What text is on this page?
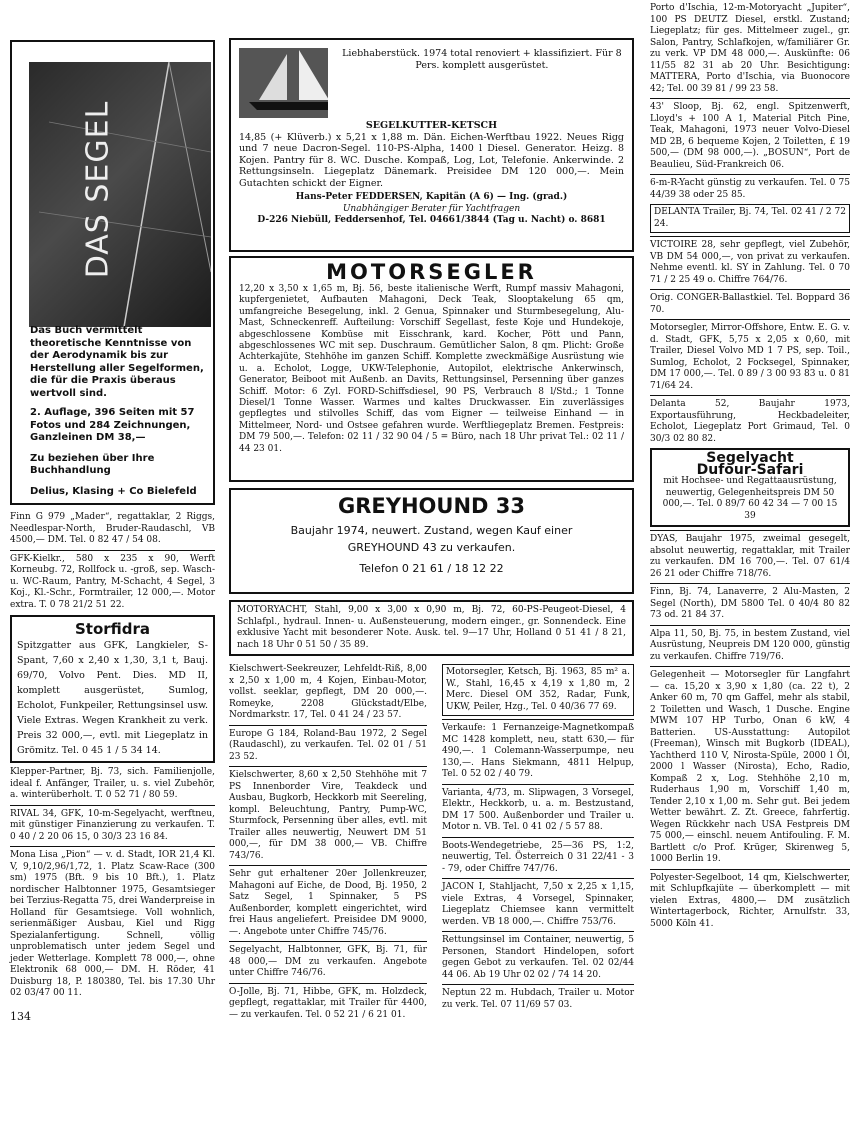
DAS SEGEL
Das Buch vermittelt theoretische Kenntnisse von der Aerodynamik bis zur Herstellung aller Segelformen, die für die Praxis überaus wertvoll sind.
2. Auflage, 396 Seiten mit 57 Fotos und 284 Zeichnungen, Ganzleinen DM 38,—
Zu beziehen über Ihre Buchhandlung
Delius, Klasing + Co Bielefeld
Finn G 979 „Mader“, regattaklar, 2 Riggs, Needlespar-North, Bruder-Raudaschl, VB 4500,— DM. Tel. 0 82 47 / 54 08.
GFK-Kielkr., 580 x 235 x 90, Werft Korneubg. 72, Rollfock u. -groß, sep. Wasch- u. WC-Raum, Pantry, M-Schacht, 4 Segel, 3 Koj., Kl.-Schr., Formtrailer, 12 000,—. Motor extra. T. 0 78 21/2 51 22.
Storfidra
Spitzgatter aus GFK, Langkieler, S-Spant, 7,60 x 2,40 x 1,30, 3,1 t, Bauj. 69/70, Volvo Pent. Dies. MD II, komplett ausgerüstet, Sumlog, Echolot, Funkpeiler, Rettungsinsel usw. Viele Extras. Wegen Krankheit zu verk. Preis 32 000,—, evtl. mit Liegeplatz in Grömitz. Tel. 0 45 1 / 5 34 14.
Klepper-Partner, Bj. 73, sich. Familienjolle, ideal f. Anfänger, Trailer, u. s. viel Zubehör, a. winterüberholt. T. 0 52 71 / 80 59.
RIVAL 34, GFK, 10-m-Segelyacht, werftneu, mit günstiger Finanzierung zu verkaufen. T. 0 40 / 2 20 06 15, 0 30/3 23 16 84.
Mona Lisa „Pion“ — v. d. Stadt, IOR 21,4 Kl. V, 9,10/2,96/1,72, 1. Platz Scaw-Race (300 sm) 1975 (Bft. 9 bis 10 Bft.), 1. Platz nordischer Halbtonner 1975, Gesamtsieger bei Terzius-Regatta 75, drei Wanderpreise in Holland für Gesamtsiege. Voll wohnlich, serienmäßiger Ausbau, Kiel und Rigg Spezialanfertigung. Schnell, völlig unproblematisch unter jedem Segel und jeder Wetterlage. Komplett 78 000,—, ohne Elektronik 68 000,— DM. H. Röder, 41 Duisburg 18, P. 180380, Tel. bis 17.30 Uhr 02 03/47 00 11.
134
Liebhaberstück. 1974 total renoviert + klassifiziert. Für 8 Pers. komplett ausgerüstet.
SEGELKUTTER-KETSCH
14,85 (+ Klüverb.) x 5,21 x 1,88 m. Dän. Eichen-Werftbau 1922. Neues Rigg und 7 neue Dacron-Segel. 110-PS-Alpha, 1400 l Diesel. Generator. Heizg. 8 Kojen. Pantry für 8. WC. Dusche. Kompaß, Log, Lot, Telefonie. Ankerwinde. 2 Rettungsinseln. Liegeplatz Dänemark. Preisidee DM 120 000,—. Mein Gutachten schickt der Eigner.
Hans-Peter FEDDERSEN, Kapitän (A 6) — Ing. (grad.)
Unabhängiger Berater für Yachtfragen
D-226 Niebüll, Feddersenhof, Tel. 04661/3844 (Tag u. Nacht) o. 8681
MOTORSEGLER
12,20 x 3,50 x 1,65 m, Bj. 56, beste italienische Werft, Rumpf massiv Mahagoni, kupfergenietet, Aufbauten Mahagoni, Deck Teak, Slooptakelung 65 qm, umfangreiche Besegelung, inkl. 2 Genua, Spinnaker und Sturmbesegelung, Alu-Mast, Schneckenreff. Aufteilung: Vorschiff Segellast, feste Koje und Hundekoje, abgeschlossene Kombüse mit Eisschrank, kard. Kocher, Pött und Pann, abgeschlossenes WC mit sep. Duschraum. Gemütlicher Salon, 8 qm. Plicht: Große Achterkajüte, Stehhöhe im ganzen Schiff. Komplette zweckmäßige Ausrüstung wie u. a. Echolot, Logge, UKW-Telephonie, Autopilot, elektrische Ankerwinsch, Generator, Beiboot mit Außenb. an Davits, Rettungsinsel, Persenning über ganzes Schiff. Motor: 6 Zyl. FORD-Schiffsdiesel, 90 PS, Verbrauch 8 l/Std.; 1 Tonne Diesel/1 Tonne Wasser. Warmes und kaltes Druckwasser. Ein zuverlässiges gepflegtes und stilvolles Schiff, das vom Eigner — teilweise Einhand — in Mittelmeer, Nord- und Ostsee gefahren wurde. Werftliegeplatz Bremen. Festpreis: DM 79 500,—. Telefon: 02 11 / 32 90 04 / 5 = Büro, nach 18 Uhr privat Tel.: 02 11 / 44 23 01.
GREYHOUND 33
Baujahr 1974, neuwert. Zustand, wegen Kauf einer
GREYHOUND 43 zu verkaufen.
Telefon 0 21 61 / 18 12 22
MOTORYACHT, Stahl, 9,00 x 3,00 x 0,90 m, Bj. 72, 60-PS-Peugeot-Diesel, 4 Schlafpl., hydraul. Innen- u. Außensteuerung, modern einger., gr. Sonnendeck. Eine exklusive Yacht mit besonderer Note. Ausk. tel. 9—17 Uhr, Holland 0 51 41 / 8 21, nach 18 Uhr 0 51 50 / 35 89.
Kielschwert-Seekreuzer, Lehfeldt-Riß, 8,00 x 2,50 x 1,00 m, 4 Kojen, Einbau-Motor, vollst. seeklar, gepflegt, DM 20 000,—. Romeyke, 2208 Glückstadt/Elbe, Nordmarkstr. 17, Tel. 0 41 24 / 23 57.
Europe G 184, Roland-Bau 1972, 2 Segel (Raudaschl), zu verkaufen. Tel. 02 01 / 51 23 52.
Kielschwerter, 8,60 x 2,50 Stehhöhe mit 7 PS Innenborder Vire, Teakdeck und Ausbau, Bugkorb, Heckkorb mit Seereling, kompl. Beleuchtung, Pantry, Pump-WC, Sturmfock, Persenning über alles, evtl. mit Trailer alles neuwertig, Neuwert DM 51 000,—, für DM 38 000,— VB. Chiffre 743/76.
Sehr gut erhaltener 20er Jollenkreuzer, Mahagoni auf Eiche, de Dood, Bj. 1950, 2 Satz Segel, 1 Spinnaker, 5 PS Außenborder, komplett eingerichtet, wird frei Haus angeliefert. Preisidee DM 9000,—. Angebote unter Chiffre 745/76.
Segelyacht, Halbtonner, GFK, Bj. 71, für 48 000,— DM zu verkaufen. Angebote unter Chiffre 746/76.
O-Jolle, Bj. 71, Hibbe, GFK, m. Holzdeck, gepflegt, regattaklar, mit Trailer für 4400,— zu verkaufen. Tel. 0 52 21 / 6 21 01.
Motorsegler, Ketsch, Bj. 1963, 85 m² a. W., Stahl, 16,45 x 4,19 x 1,80 m, 2 Merc. Diesel OM 352, Radar, Funk, UKW, Peiler, Hzg., Tel. 0 40/36 77 69.
Verkaufe: 1 Fernanzeige-Magnetkompaß MC 1428 komplett, neu, statt 630,— für 490,—. 1 Colemann-Wasserpumpe, neu 130,—. Hans Siekmann, 4811 Helpup, Tel. 0 52 02 / 40 79.
Varianta, 4/73, m. Slipwagen, 3 Vorsegel, Elektr., Heckkorb, u. a. m. Bestzustand, DM 17 500. Außenborder und Trailer u. Motor n. VB. Tel. 0 41 02 / 5 57 88.
Boots-Wendegetriebe, 25—36 PS, 1:2, neuwertig, Tel. Österreich 0 31 22/41 - 3 - 79, oder Chiffre 747/76.
JACON I, Stahljacht, 7,50 x 2,25 x 1,15, viele Extras, 4 Vorsegel, Spinnaker, Liegeplatz Chiemsee kann vermittelt werden. VB 18 000,—. Chiffre 753/76.
Rettungsinsel im Container, neuwertig, 5 Personen, Standort Hindelopen, sofort gegen Gebot zu verkaufen. Tel. 02 02/44 44 06. Ab 19 Uhr 02 02 / 74 14 20.
Neptun 22 m. Hubdach, Trailer u. Motor zu verk. Tel. 07 11/69 57 03.
Porto d'Ischia, 12-m-Motoryacht „Jupiter“, 100 PS DEUTZ Diesel, erstkl. Zustand; Liegeplatz; für ges. Mittelmeer zugel., gr. Salon, Pantry, Schlafkojen, w/familiärer Gr. zu verk. VP DM 48 000,—. Auskünfte: 06 11/55 82 31 ab 20 Uhr. Besichtigung: MATTERA, Porto d'Ischia, via Buonocore 42; Tel. 00 39 81 / 99 23 58.
43' Sloop, Bj. 62, engl. Spitzenwerft, Lloyd's + 100 A 1, Material Pitch Pine, Teak, Mahagoni, 1973 neuer Volvo-Diesel MD 2B, 6 bequeme Kojen, 2 Toiletten, £ 19 500,— (DM 98 000,—). „BOSUN“, Port de Beaulieu, Süd-Frankreich 06.
6-m-R-Yacht günstig zu verkaufen. Tel. 0 75 44/39 38 oder 25 85.
DELANTA Trailer, Bj. 74, Tel. 02 41 / 2 72 24.
VICTOIRE 28, sehr gepflegt, viel Zubehör, VB DM 54 000,—, von privat zu verkaufen. Nehme eventl. kl. SY in Zahlung. Tel. 0 70 71 / 2 25 49 o. Chiffre 764/76.
Orig. CONGER-Ballastkiel. Tel. Boppard 36 70.
Motorsegler, Mirror-Offshore, Entw. E. G. v. d. Stadt, GFK, 5,75 x 2,05 x 0,60, mit Trailer, Diesel Volvo MD 1 7 PS, sep. Toil., Sumlog, Echolot, 2 Focksegel, Spinnaker, DM 17 000,—. Tel. 0 89 / 3 00 93 83 u. 0 81 71/64 24.
Delanta 52, Baujahr 1973, Exportausführung, Heckbadeleiter, Echolot, Liegeplatz Port Grimaud, Tel. 0 30/3 02 80 82.
Segelyacht
Dufour-Safari
mit Hochsee- und Regattaausrüstung, neuwertig, Gelegenheitspreis DM 50 000,—. Tel. 0 89/7 60 42 34 — 7 00 15 39
DYAS, Baujahr 1975, zweimal gesegelt, absolut neuwertig, regattaklar, mit Trailer zu verkaufen. DM 16 700,—. Tel. 07 61/4 26 21 oder Chiffre 718/76.
Finn, Bj. 74, Lanaverre, 2 Alu-Masten, 2 Segel (North), DM 5800 Tel. 0 40/4 80 82 73 od. 21 84 37.
Alpa 11, 50, Bj. 75, in bestem Zustand, viel Ausrüstung, Neupreis DM 120 000, günstig zu verkaufen. Chiffre 719/76.
Gelegenheit — Motorsegler für Langfahrt — ca. 15,20 x 3,90 x 1,80 (ca. 22 t), 2 Anker 60 m, 70 qm Gaffel, mehr als stabil, 2 Toiletten und Wasch, 1 Dusche. Engine MWM 107 HP Turbo, Onan 6 kW, 4 Batterien. US-Ausstattung: Autopilot (Freeman), Winsch mit Bugkorb (IDEAL), Yachtherd 110 V, Nirosta-Spüle, 2000 l Öl, 2000 l Wasser (Nirosta), Echo, Radio, Kompaß 2 x, Log. Stehhöhe 2,10 m, Ruderhaus 1,90 m, Vorschiff 1,40 m, Tender 2,10 x 1,00 m. Sehr gut. Bei jedem Wetter bewährt. Z. Zt. Greece, fahrfertig. Wegen Rückkehr nach USA Festpreis DM 75 000,— einschl. neuem Antifouling. F. M. Bartlett c/o Prof. Krüger, Skirenweg 5, 1000 Berlin 19.
Polyester-Segelboot, 14 qm, Kielschwerter, mit Schlupfkajüte — überkomplett — mit vielen Extras, 4800,— DM zusätzlich Wintertagerbock, Richter, Arnulfstr. 33, 5000 Köln 41.
